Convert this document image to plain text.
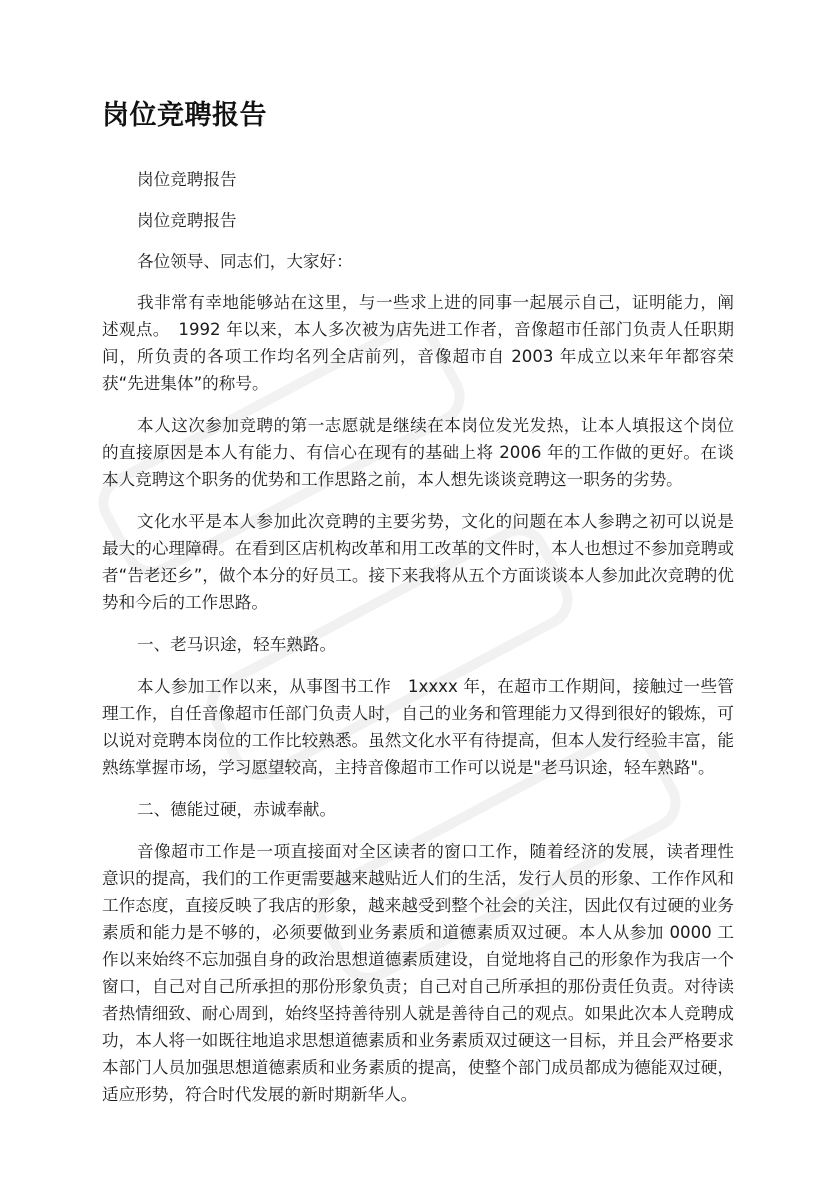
岗位竞聘报告

岗位竞聘报告

岗位竞聘报告

各位领导、同志们，大家好：

我非常有幸地能够站在这里，与一些求上进的同事一起展示自己，证明能力，阐述观点。　1992 年以来，本人多次被为店先进工作者，音像超市任部门负责人任职期间，所负责的各项工作均名列全店前列，音像超市自 2003 年成立以来年年都容荣获“先进集体”的称号。

本人这次参加竞聘的第一志愿就是继续在本岗位发光发热，让本人填报这个岗位的直接原因是本人有能力、有信心在现有的基础上将 2006 年的工作做的更好。在谈本人竞聘这个职务的优势和工作思路之前，本人想先谈谈竞聘这一职务的劣势。

文化水平是本人参加此次竞聘的主要劣势，文化的问题在本人参聘之初可以说是最大的心理障碍。在看到区店机构改革和用工改革的文件时，本人也想过不参加竞聘或者“告老还乡”，做个本分的好员工。接下来我将从五个方面谈谈本人参加此次竞聘的优势和今后的工作思路。

一、老马识途，轻车熟路。

本人参加工作以来，从事图书工作　1xxxx 年，在超市工作期间，接触过一些管理工作，自任音像超市任部门负责人时，自己的业务和管理能力又得到很好的锻炼，可以说对竞聘本岗位的工作比较熟悉。虽然文化水平有待提高，但本人发行经验丰富，能熟练掌握市场，学习愿望较高，主持音像超市工作可以说是"老马识途，轻车熟路"。

二、德能过硬，赤诚奉献。

音像超市工作是一项直接面对全区读者的窗口工作，随着经济的发展，读者理性意识的提高，我们的工作更需要越来越贴近人们的生活，发行人员的形象、工作作风和工作态度，直接反映了我店的形象，越来越受到整个社会的关注，因此仅有过硬的业务素质和能力是不够的，必须要做到业务素质和道德素质双过硬。本人从参加 0000 工作以来始终不忘加强自身的政治思想道德素质建设，自觉地将自己的形象作为我店一个窗口，自己对自己所承担的那份形象负责；自己对自己所承担的那份责任负责。对待读者热情细致、耐心周到，始终坚持善待别人就是善待自己的观点。如果此次本人竞聘成功，本人将一如既往地追求思想道德素质和业务素质双过硬这一目标，并且会严格要求本部门人员加强思想道德素质和业务素质的提高，使整个部门成员都成为德能双过硬，适应形势，符合时代发展的新时期新华人。
